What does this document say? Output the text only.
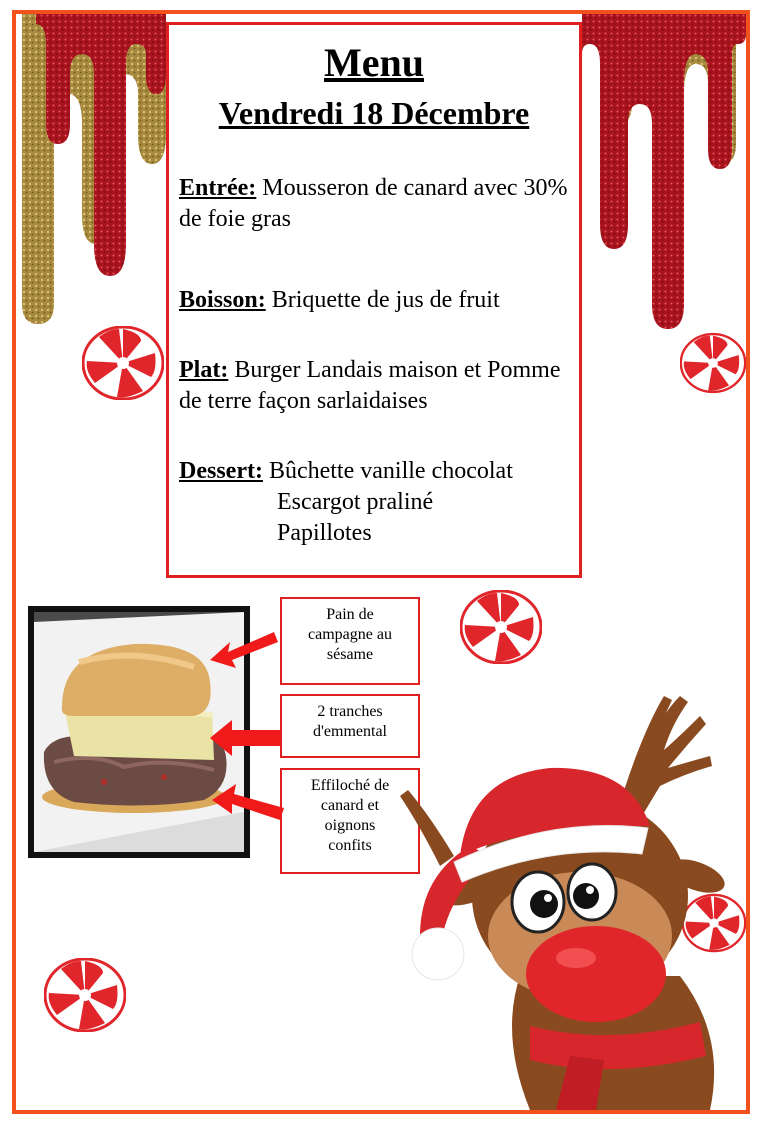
Menu
Vendredi 18 Décembre
Entrée: Mousseron de canard avec 30% de foie gras
Boisson: Briquette de jus de fruit
Plat: Burger Landais maison et Pomme de terre façon sarlaidaises
Dessert: Bûchette vanille chocolat
Escargot praliné
Papillotes
Pain de
campagne au
sésame
2 tranches
d'emmental
Effiloché de
canard et
oignons
confits
